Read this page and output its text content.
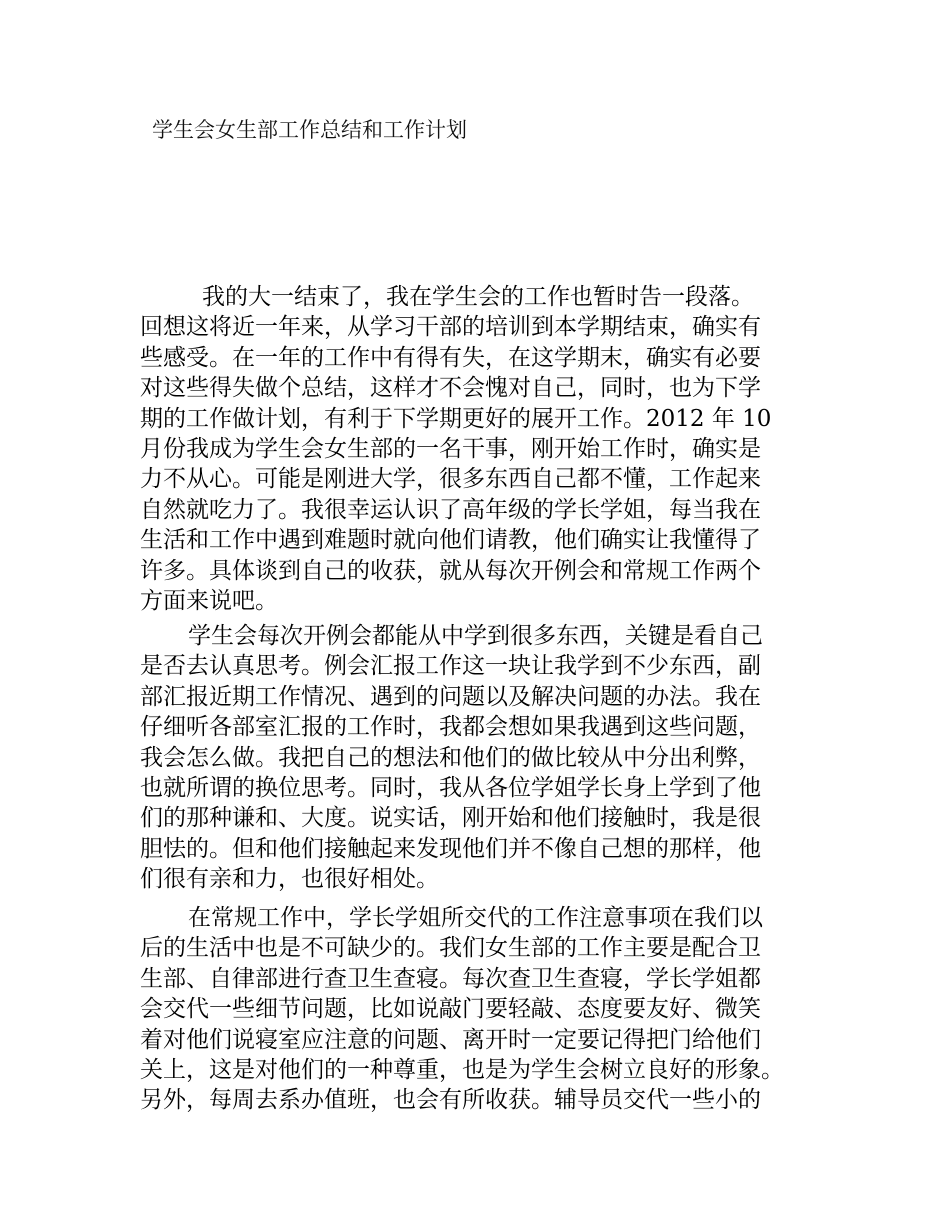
学生会女生部工作总结和工作计划
我的大一结束了，我在学生会的工作也暂时告一段落。
回想这将近一年来，从学习干部的培训到本学期结束，确实有
些感受。在一年的工作中有得有失，在这学期末，确实有必要
对这些得失做个总结，这样才不会愧对自己，同时，也为下学
期的工作做计划，有利于下学期更好的展开工作。2012 年 10
月份我成为学生会女生部的一名干事，刚开始工作时，确实是
力不从心。可能是刚进大学，很多东西自己都不懂，工作起来
自然就吃力了。我很幸运认识了高年级的学长学姐，每当我在
生活和工作中遇到难题时就向他们请教，他们确实让我懂得了
许多。具体谈到自己的收获，就从每次开例会和常规工作两个
方面来说吧。
学生会每次开例会都能从中学到很多东西，关键是看自己
是否去认真思考。例会汇报工作这一块让我学到不少东西，副
部汇报近期工作情况、遇到的问题以及解决问题的办法。我在
仔细听各部室汇报的工作时，我都会想如果我遇到这些问题，
我会怎么做。我把自己的想法和他们的做比较从中分出利弊，
也就所谓的换位思考。同时，我从各位学姐学长身上学到了他
们的那种谦和、大度。说实话，刚开始和他们接触时，我是很
胆怯的。但和他们接触起来发现他们并不像自己想的那样，他
们很有亲和力，也很好相处。
在常规工作中，学长学姐所交代的工作注意事项在我们以
后的生活中也是不可缺少的。我们女生部的工作主要是配合卫
生部、自律部进行查卫生查寝。每次查卫生查寝，学长学姐都
会交代一些细节问题，比如说敲门要轻敲、态度要友好、微笑
着对他们说寝室应注意的问题、离开时一定要记得把门给他们
关上，这是对他们的一种尊重，也是为学生会树立良好的形象。
另外，每周去系办值班，也会有所收获。辅导员交代一些小的
